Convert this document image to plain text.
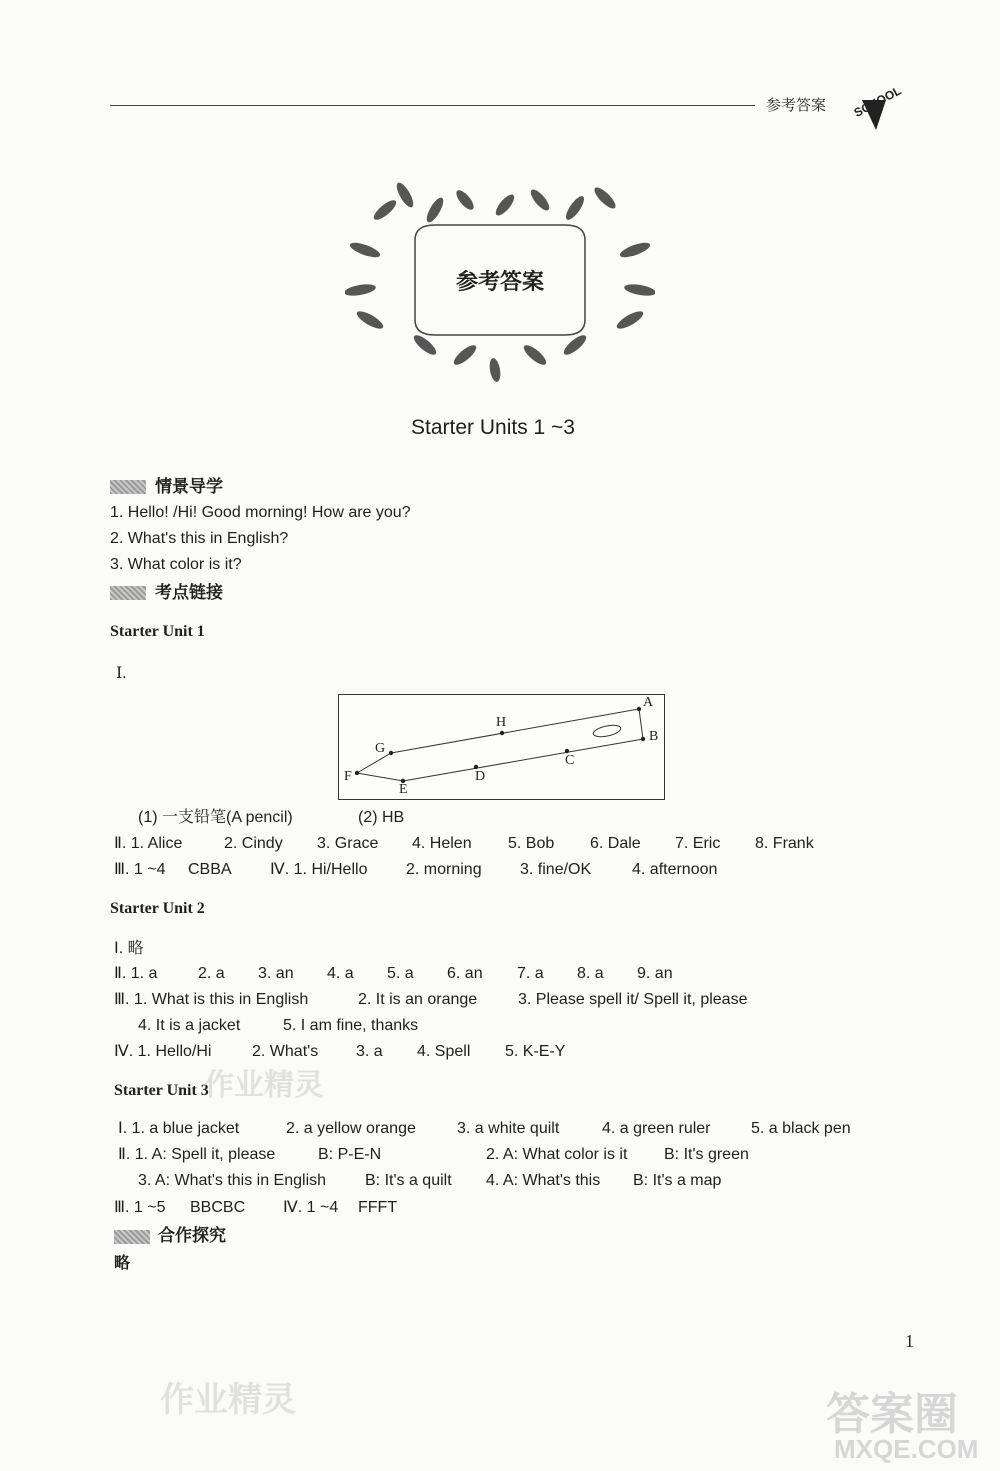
参考答案 SCHOOL
参考答案
Starter Units 1 ~3
情景导学
1. Hello! /Hi! Good morning! How are you?
2. What's this in English?
3. What color is it?
考点链接
Starter Unit 1
Ⅰ.
A
B
C
D
E
F
G
H
(1) 一支铅笔(A pencil)	(2) HB
Ⅱ. 1. Alice	2. Cindy 3. Grace 4. Helen 5. Bob 6. Dale 7. Eric 8. Frank
Ⅲ. 1 ~4 CBBA Ⅳ. 1. Hi/Hello 2. morning 3. fine/OK	4. afternoon
Starter Unit 2
Ⅰ. 略
Ⅱ. 1. a	2. a 3. an 4. a 5. a 6. an 7. a 8. a 9. an
Ⅲ. 1. What is this in English	2. It is an orange	3. Please spell it/ Spell it, please
4. It is a jacket	5. I am fine, thanks
Ⅳ. 1. Hello/Hi	2. What's 3. a 4. Spell 5. K-E-Y
Starter Unit 3
Ⅰ. 1. a blue jacket	2. a yellow orange	3. a white quilt	4. a green ruler	5. a black pen
Ⅱ. 1. A: Spell it, please	B: P-E-N	2. A: What color is it B: It's green
3. A: What's this in English B: It's a quilt 4. A: What's this B: It's a map
Ⅲ. 1 ~5 BBCBC Ⅳ. 1 ~4 FFFT
合作探究
略
1
作业精灵
作业精灵	答案圈
MXQE.COM
